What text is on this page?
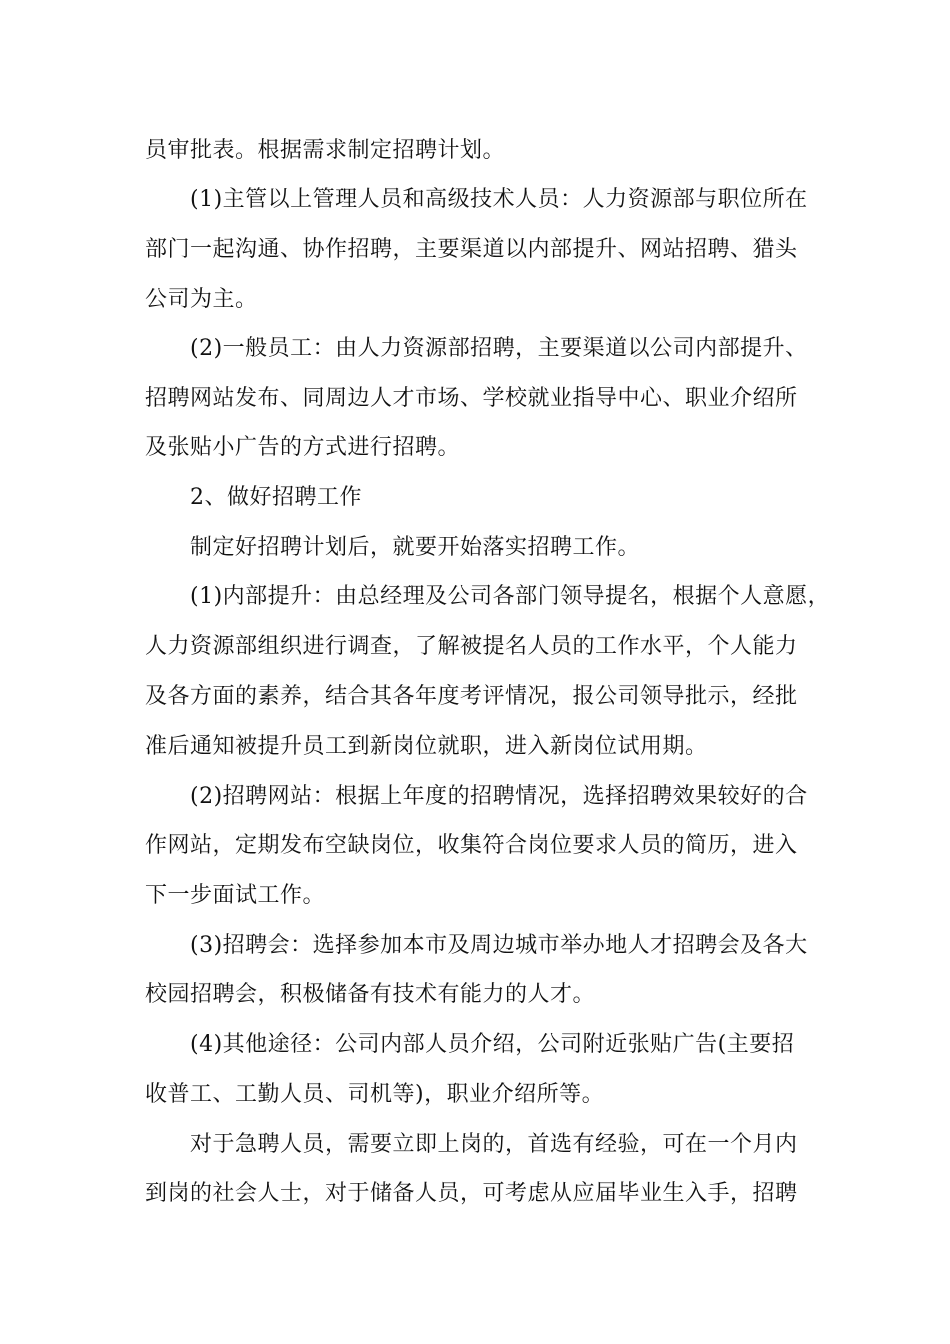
员审批表。根据需求制定招聘计划。
(1)主管以上管理人员和高级技术人员：人力资源部与职位所在
部门一起沟通、协作招聘，主要渠道以内部提升、网站招聘、猎头
公司为主。
(2)一般员工：由人力资源部招聘，主要渠道以公司内部提升、
招聘网站发布、同周边人才市场、学校就业指导中心、职业介绍所
及张贴小广告的方式进行招聘。
2、做好招聘工作
制定好招聘计划后，就要开始落实招聘工作。
(1)内部提升：由总经理及公司各部门领导提名，根据个人意愿，
人力资源部组织进行调查，了解被提名人员的工作水平，个人能力
及各方面的素养，结合其各年度考评情况，报公司领导批示，经批
准后通知被提升员工到新岗位就职，进入新岗位试用期。
(2)招聘网站：根据上年度的招聘情况，选择招聘效果较好的合
作网站，定期发布空缺岗位，收集符合岗位要求人员的简历，进入
下一步面试工作。
(3)招聘会：选择参加本市及周边城市举办地人才招聘会及各大
校园招聘会，积极储备有技术有能力的人才。
(4)其他途径：公司内部人员介绍，公司附近张贴广告(主要招
收普工、工勤人员、司机等)，职业介绍所等。
对于急聘人员，需要立即上岗的，首选有经验，可在一个月内
到岗的社会人士，对于储备人员，可考虑从应届毕业生入手，招聘
